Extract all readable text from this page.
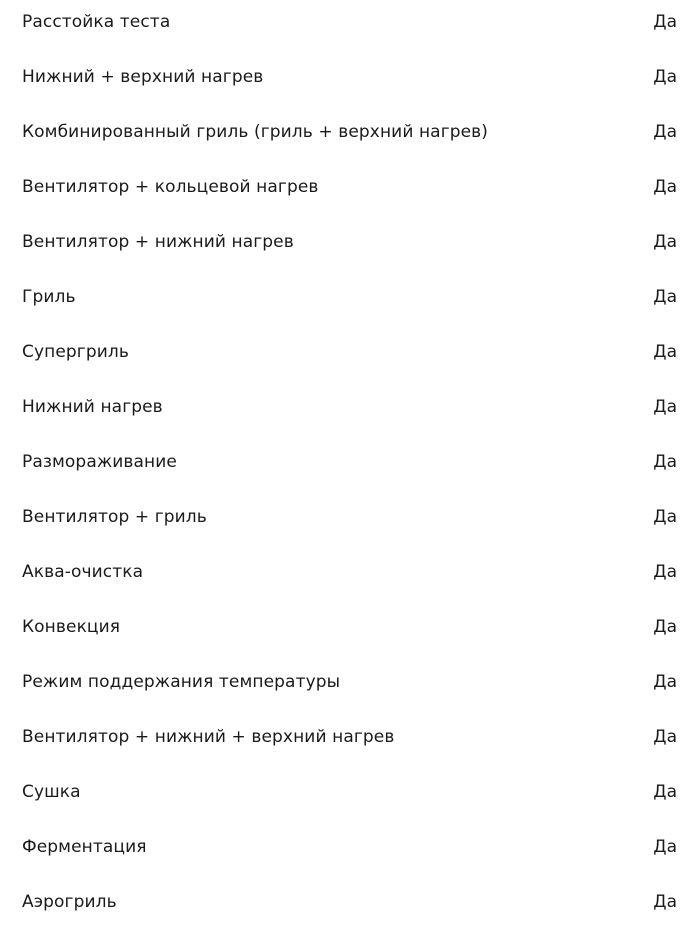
Расстойка теста	Да
Нижний + верхний нагрев	Да
Комбинированный гриль (гриль + верхний нагрев)	Да
Вентилятор + кольцевой нагрев	Да
Вентилятор + нижний нагрев	Да
Гриль	Да
Супергриль	Да
Нижний нагрев	Да
Размораживание	Да
Вентилятор + гриль	Да
Аква-очистка	Да
Конвекция	Да
Режим поддержания температуры	Да
Вентилятор + нижний + верхний нагрев	Да
Сушка	Да
Ферментация	Да
Аэрогриль	Да
